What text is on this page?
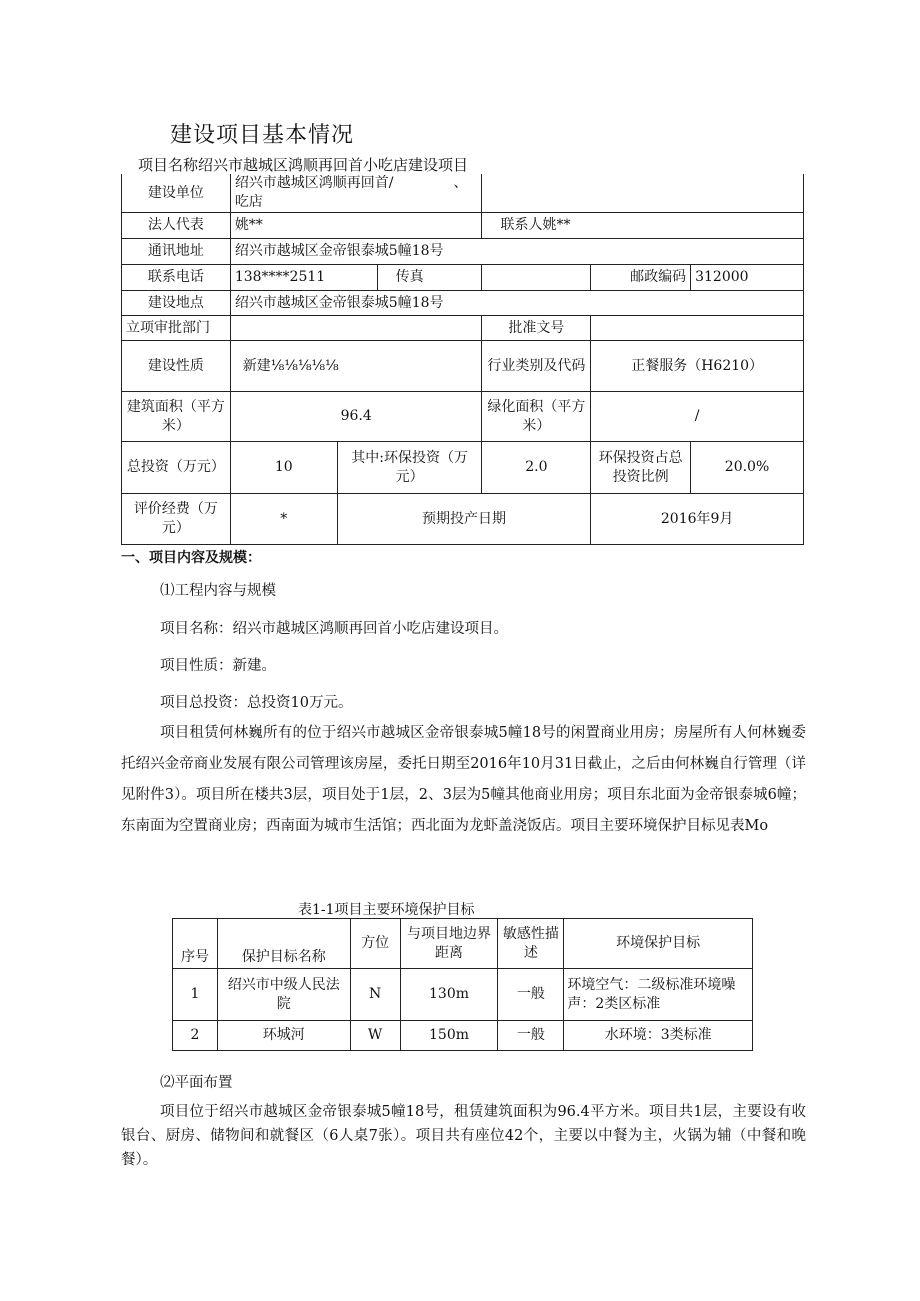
建设项目基本情况
项目名称绍兴市越城区鸿顺再回首小吃店建设项目
建设单位	绍兴市越城区鸿顺再回首/ 、吃店					
法人代表	姚**			联系人姚**		
通讯地址	绍兴市越城区金帝银泰城5幢18号					
联系电话	138****2511		传真		邮政编码	312000
建设地点	绍兴市越城区金帝银泰城5幢18号					
立项审批部门				批准文号		
建设性质	新建⅛⅛⅛⅛⅛			行业类别及代码	正餐服务（H6210）	
建筑面积（平方米）	96.4			绿化面积（平方米）	/	
总投资（万元）	10	其中:环保投资（万元）		2.0	环保投资占总投资比例	20.0%
评价经费（万元）	*	预期投产日期			2016年9月	
一、项目内容及规模：
⑴工程内容与规模
项目名称：绍兴市越城区鸿顺再回首小吃店建设项目。
项目性质：新建。
项目总投资：总投资10万元。
项目租赁何林巍所有的位于绍兴市越城区金帝银泰城5幢18号的闲置商业用房；房屋所有人何林巍委托绍兴金帝商业发展有限公司管理该房屋，委托日期至2016年10月31日截止，之后由何林巍自行管理（详见附件3）。项目所在楼共3层，项目处于1层，2、3层为5幢其他商业用房；项目东北面为金帝银泰城6幢；东南面为空置商业房；西南面为城市生活馆；西北面为龙虾盖浇饭店。项目主要环境保护目标见表Mo
表1-1项目主要环境保护目标
序号	保护目标名称	方位	与项目地边界距离	敏感性描述	环境保护目标
1	绍兴市中级人民法院	N	130m	一般	环境空气：二级标准环境噪声：2类区标准
2	环城河	W	150m	一般	水环境：3类标准
⑵平面布置
项目位于绍兴市越城区金帝银泰城5幢18号，租赁建筑面积为96.4平方米。项目共1层，主要设有收银台、厨房、储物间和就餐区（6人桌7张）。项目共有座位42个，主要以中餐为主，火锅为辅（中餐和晚餐）。
